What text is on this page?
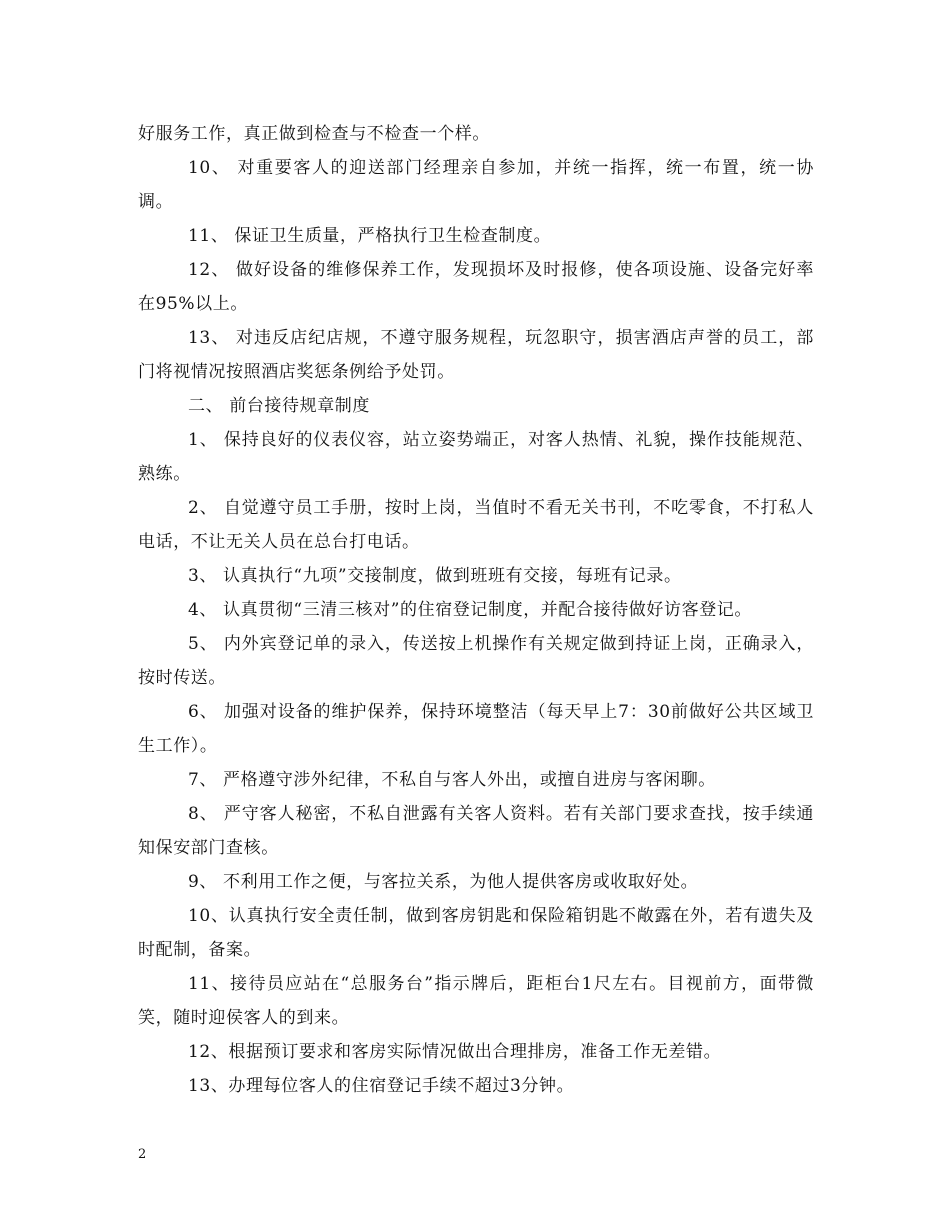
好服务工作，真正做到检查与不检查一个样。

10、 对重要客人的迎送部门经理亲自参加，并统一指挥，统一布置，统一协调。

11、 保证卫生质量，严格执行卫生检查制度。

12、 做好设备的维修保养工作，发现损坏及时报修，使各项设施、设备完好率在95%以上。

13、 对违反店纪店规，不遵守服务规程，玩忽职守，损害酒店声誉的员工，部门将视情况按照酒店奖惩条例给予处罚。

二、 前台接待规章制度

1、 保持良好的仪表仪容，站立姿势端正，对客人热情、礼貌，操作技能规范、熟练。

2、 自觉遵守员工手册，按时上岗，当值时不看无关书刊，不吃零食，不打私人电话，不让无关人员在总台打电话。

3、 认真执行“九项”交接制度，做到班班有交接，每班有记录。

4、 认真贯彻“三清三核对”的住宿登记制度，并配合接待做好访客登记。

5、 内外宾登记单的录入，传送按上机操作有关规定做到持证上岗，正确录入，按时传送。

6、 加强对设备的维护保养，保持环境整洁（每天早上7：30前做好公共区域卫生工作）。

7、 严格遵守涉外纪律，不私自与客人外出，或擅自进房与客闲聊。

8、 严守客人秘密，不私自泄露有关客人资料。若有关部门要求查找，按手续通知保安部门查核。

9、 不利用工作之便，与客拉关系，为他人提供客房或收取好处。

10、认真执行安全责任制，做到客房钥匙和保险箱钥匙不敞露在外，若有遗失及时配制，备案。

11、接待员应站在“总服务台”指示牌后，距柜台1尺左右。目视前方，面带微笑，随时迎侯客人的到来。

12、根据预订要求和客房实际情况做出合理排房，准备工作无差错。

13、办理每位客人的住宿登记手续不超过3分钟。

2
